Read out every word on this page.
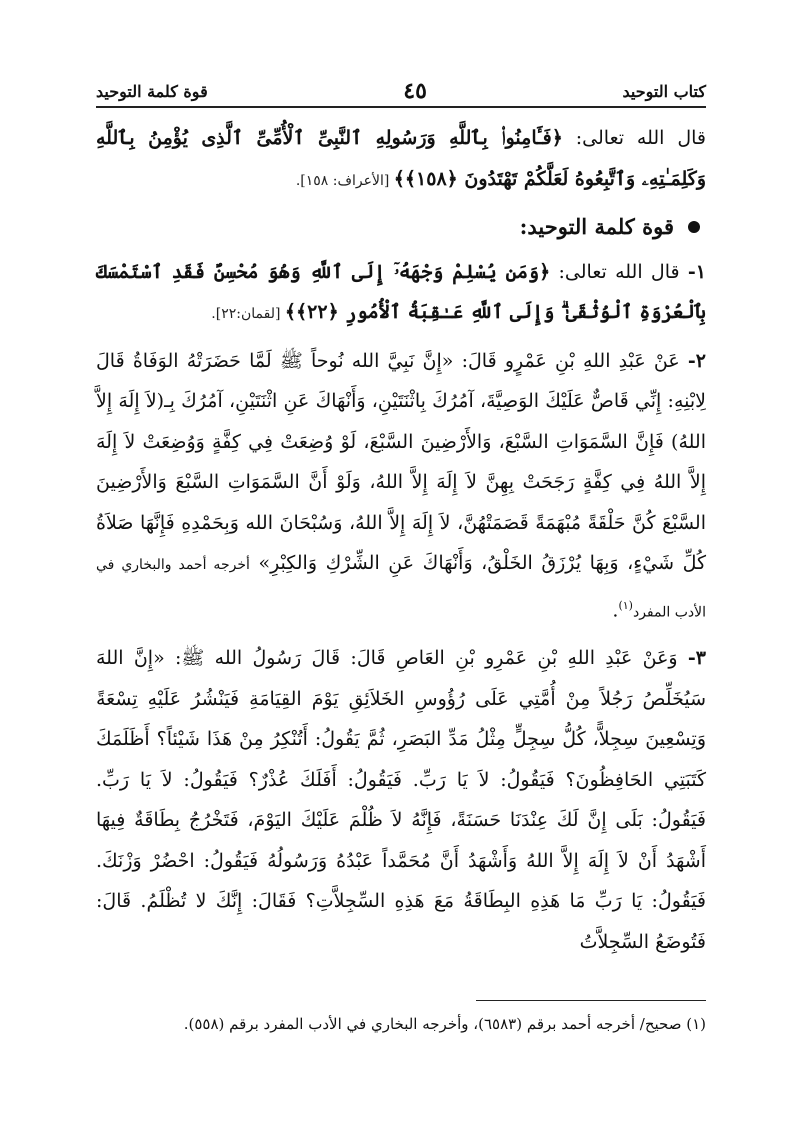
كتاب التوحيد
٤٥
قوة كلمة التوحيد

قال الله تعالى: ﴿فَـَٔامِنُوا۟ بِٱللَّهِ وَرَسُولِهِ ٱلنَّبِىِّ ٱلْأُمِّىِّ ٱلَّذِى يُؤْمِنُ بِٱللَّهِ وَكَلِمَـٰتِهِۦ وَٱتَّبِعُوهُ لَعَلَّكُمْ تَهْتَدُونَ ﴿١٥٨﴾﴾ [الأعراف: ١٥٨].

قوة كلمة التوحيد:

١- قال الله تعالى: ﴿وَمَن يُسْلِمْ وَجْهَهُۥٓ إِلَى ٱللَّهِ وَهُوَ مُحْسِنٌ فَقَدِ ٱسْتَمْسَكَ بِٱلْعُرْوَةِ ٱلْوُثْقَىٰ ۗ وَإِلَى ٱللَّهِ عَـٰقِبَةُ ٱلْأُمُورِ ﴿٢٢﴾﴾ [لقمان:٢٢].

٢- عَنْ عَبْدِ اللهِ بْنِ عَمْرٍو قَالَ: «إِنَّ نَبِيَّ الله نُوحاً ﷺ لَمَّا حَضَرَتْهُ الوَفَاةُ قَالَ لِابْنِهِ: إِنِّي قَاصٌّ عَلَيْكَ الوَصِيَّةَ، آمُرُكَ بِاثْنَتَيْنِ، وَأَنْهَاكَ عَنِ اثْنَتَيْنِ، آمُرُكَ بِـ(لاَ إِلَهَ إِلاَّ اللهُ) فَإِنَّ السَّمَوَاتِ السَّبْعَ، وَالأَرْضِينَ السَّبْعَ، لَوْ وُضِعَتْ فِي كِفَّةٍ وَوُضِعَتْ لاَ إِلَهَ إِلاَّ اللهُ فِي كِفَّةٍ رَجَحَتْ بِهِنَّ لاَ إِلَهَ إِلاَّ اللهُ، وَلَوْ أَنَّ السَّمَوَاتِ السَّبْعَ وَالأَرْضِينَ السَّبْعَ كُنَّ حَلْقَةً مُبْهَمَةً قَصَمَتْهُنَّ، لاَ إِلَهَ إِلاَّ اللهُ، وَسُبْحَانَ الله وَبِحَمْدِهِ فَإِنَّهَا صَلاَةُ كُلِّ شَيْءٍ، وَبِهَا يُرْزَقُ الخَلْقُ، وَأَنْهَاكَ عَنِ الشِّرْكِ وَالكِبْرِ» أخرجه أحمد والبخاري في الأدب المفرد$^{(١)}$.

٣- وَعَنْ عَبْدِ اللهِ بْنِ عَمْرِو بْنِ العَاصِ قَالَ: قَالَ رَسُولُ الله ﷺ: «إِنَّ اللهَ سَيُخَلِّصُ رَجُلاً مِنْ أُمَّتِي عَلَى رُؤُوسِ الخَلاَئِقِ يَوْمَ القِيَامَةِ فَيَنْشُرُ عَلَيْهِ تِسْعَةً وَتِسْعِينَ سِجِلاًّ، كُلُّ سِجِلٍّ مِثْلُ مَدِّ البَصَرِ، ثُمَّ يَقُولُ: أَتُنْكِرُ مِنْ هَذَا شَيْئاً؟ أَظَلَمَكَ كَتَبَتِي الحَافِظُونَ؟ فَيَقُولُ: لاَ يَا رَبِّ. فَيَقُولُ: أَفَلَكَ عُذْرٌ؟ فَيَقُولُ: لاَ يَا رَبِّ. فَيَقُولُ: بَلَى إِنَّ لَكَ عِنْدَنَا حَسَنَةً، فَإِنَّهُ لاَ ظُلْمَ عَلَيْكَ اليَوْمَ، فَتَخْرُجُ بِطَاقَةٌ فِيهَا أَشْهَدُ أَنْ لاَ إِلَهَ إِلاَّ اللهُ وَأَشْهَدُ أَنَّ مُحَمَّداً عَبْدُهُ وَرَسُولُهُ فَيَقُولُ: احْضُرْ وَزْنَكَ. فَيَقُولُ: يَا رَبِّ مَا هَذِهِ البِطَاقَةُ مَعَ هَذِهِ السِّجِلاَّتِ؟ فَقَالَ: إِنَّكَ لا تُظْلَمُ. قَالَ: فَتُوضَعُ السِّجِلاَّتُ

(١) صحيح/ أخرجه أحمد برقم (٦٥٨٣)، وأخرجه البخاري في الأدب المفرد برقم (٥٥٨).
